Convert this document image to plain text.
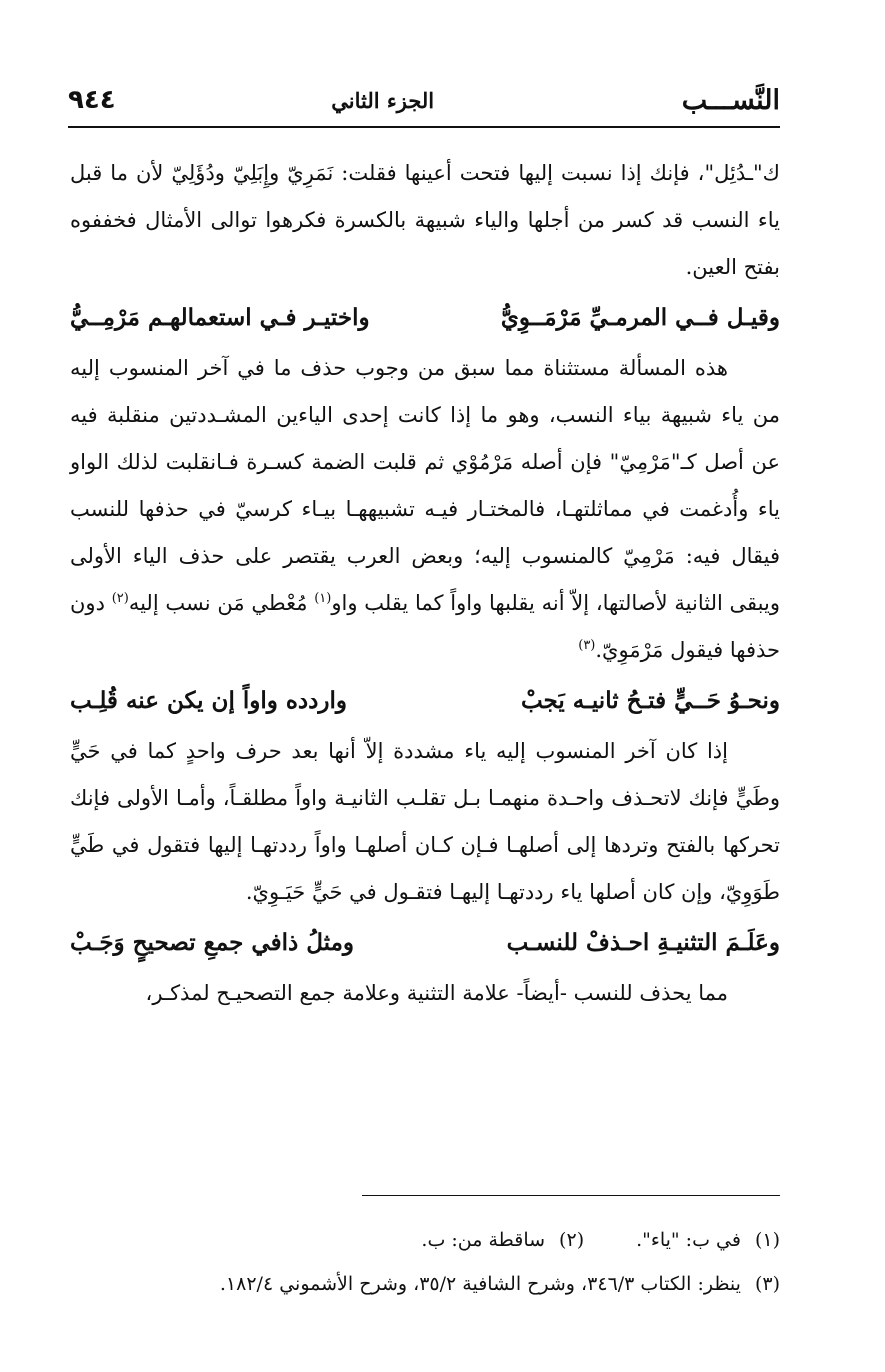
النَّســـب
الجزء الثاني
٩٤٤

ك"ـدُئِل"، فإنك إذا نسبت إليها فتحت أعينها فقلت: نَمَرِيّ وإِبَلِيّ ودُؤَلِيّ لأن ما قبل ياء النسب قد كسر من أجلها والياء شبيهة بالكسرة فكرهوا توالى الأمثال فخففوه بفتح العين.

وقيـل فــي المرمـيِّ مَرْمَــوِيُّ
واختيـر فـي استعمالهـم مَرْمِــيُّ

هذه المسألة مستثناة مما سبق من وجوب حذف ما في آخر المنسوب إليه من ياء شبيهة بياء النسب، وهو ما إذا كانت إحدى الياءين المشـددتين منقلبة فيه عن أصل كـ"مَرْمِيّ" فإن أصله مَرْمُوْي ثم قلبت الضمة كسـرة فـانقلبت لذلك الواو ياء وأُدغمت في مماثلتهـا، فالمختـار فيـه تشبيههـا بيـاء كرسيّ في حذفها للنسب فيقال فيه: مَرْمِيّ كالمنسوب إليه؛ وبعض العرب يقتصر على حذف الياء الأولى ويبقى الثانية لأصالتها، إلاّ أنه يقلبها واواً كما يقلب واو$^{(١)}$ مُعْطي مَن نسب إليه$^{(٢)}$ دون حذفها فيقول مَرْمَوِيّ.$^{(٣)}$

ونحـوُ حَــيٍّ فتـحُ ثانيـه يَجبْ
واردده واواً إن يكن عنه قُلِـب

إذا كان آخر المنسوب إليه ياء مشددة إلاّ أنها بعد حرف واحدٍ كما في حَيٍّ وطَيٍّ فإنك لاتحـذف واحـدة منهمـا بـل تقلـب الثانيـة واواً مطلقـاً، وأمـا الأولى فإنك تحركها بالفتح وتردها إلى أصلهـا فـإن كـان أصلهـا واواً رددتهـا إليها فتقول في طَيٍّ طَوَوِيّ، وإن كان أصلها ياء رددتهـا إليهـا فتقـول في حَيٍّ حَيَـوِيّ.

وعَلَـمَ التثنيـةِ احـذفْ للنسـب
ومثلُ ذافي جمعِ تصحيحٍ وَجَـبْ

مما يحذف للنسب -أيضاً- علامة التثنية وعلامة جمع التصحيـح لمذكـر،

(١)
في ب: "ياء".
(٢)
ساقطة من: ب.
(٣)
ينظر: الكتاب ٣٤٦/٣، وشرح الشافية ٣٥/٢، وشرح الأشموني ١٨٢/٤.
